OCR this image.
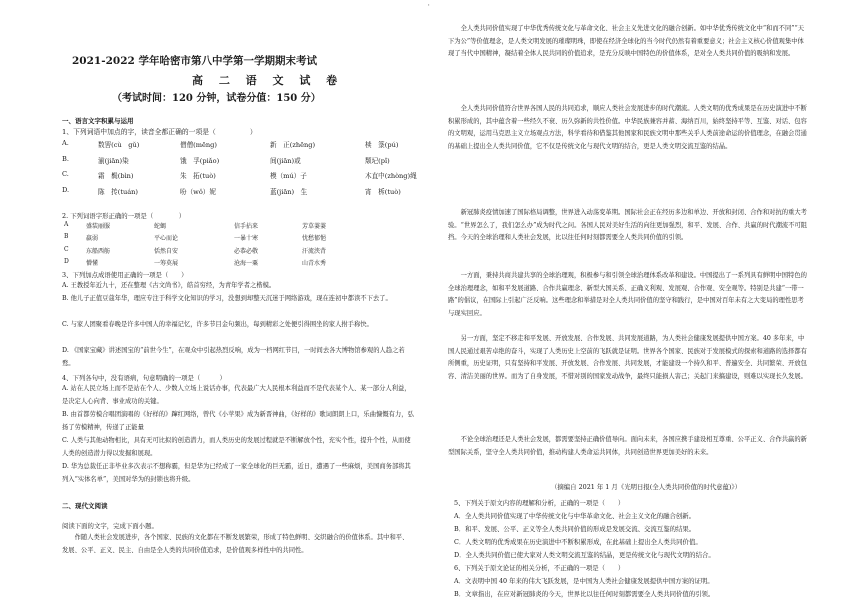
'
2021-2022 学年哈密市第八中学第一学期期末考试
高 二 语 文 试 卷
（考试时间：120 分钟，试卷分值：150 分）
一、语言文字积累与运用
1、下列词语中加点的字，读音全都正确的一项是（　　　　　）
A.	数罟(cù　gǔ)	僧僧(mēng)	新　正(zhēng)	椟　箓(pú)
B.	湔(jiān)染	饿　孚(piǎo)	间(jiān)或	颓圮(pǐ)
C.	霜　鬓(bìn)	朱　拓(tuò)	模（mú）子	木直中(zhòng)绳
D.	陈　抟(tuán)	吩（wǒ）妮	蓝(jiān)　生	宵　柝(tuò)
2. 下列词语字形正确的一项是（　　　　）
A	盛装丽服	蛇蝎	信手拈来	芳草萋萋
B	羸弱	平心而论	一暴十寒	忧愁郁悒
C	东船西舫	恬然自安	必恭必敬	汗流浃背
D	懵懂	一筹莫展	沧海一粟	山青水秀
3、下列加点成语使用正确的一项是（　　）

A. 王教授年近九十，还在整理《古文尚书》，皓首穷经，为青年学者之楷模。

B. 他儿子正值豆蔻年华，理应专注于科学文化知识的学习，没想到却整天沉迷于网络游戏，现在连初中都读不下去了。

C. 与家人团聚看春晚是许多中国人的幸福记忆，许多节目金句频出，每到精彩之处便引得围坐的家人拊手称快。

D. 《国家宝藏》讲述国宝的“前世今生”，在观众中引起热烈反响，成为一档网红节目，一时间去各大博物馆参观的人趋之若鹜。

4、下列各句中，没有语病，句意明确的一项是（　　　）

A. 站在人民立场上而不是站在个人、少数人立场上说话办事，代表最广大人民根本利益而不是代表某个人、某一部分人利益，是决定人心向背、事业成功的关键。

B. 由首都劳模合唱团演唱的《好样的》蹿红网络，曾代《小苹果》成为新晋神曲，《好样的》歌词朗朗上口，乐曲慷慨有力，弘扬了劳模精神，传递了正能量

C. 人类与其他动物相比，具有无可比拟的创造潜力，而人类历史的发展过程就是不断解放个性，充实个性，提升个性，从而使人类的创造潜力得以发掘和展现。

D. 华为总裁任正非毕业多次表示不想称霸，但是华为已经成了一家全球化的巨无霸，近日，遭遇了一些麻烦，美国商务部将其列入“实体名单”，美国对华为的封锁也将升级。

二、现代文阅读
阅读下面的文字，完成下面小题。

作随人类社会发展进步，各个国家、民族的文化都在不断发展繁荣，形成了特色鲜明、交织融合的价值体系。其中和平、发展、公平、正义、民主、自由是全人类的共同价值追求，是价值观多样性中的共同性。

全人类共同价值实现了中华优秀传统文化与革命文化、社会主义先进文化的融合创新。如中华优秀传统文化中“和而不同”“天下为公”等价值理念，是人类文明发展的璀璨明珠，即使在经济全球化的当今时代仍然有着重要意义；社会主义核心价值观集中体现了当代中国精神，凝结着全体人民共同的价值追求，是充分反映中国特色的价值体系，是对全人类共同价值的吸纳和发展。

全人类共同价值符合世界各国人民的共同追求，顺应人类社会发展进步的时代潮流。人类文明的优秀成果是在历史演进中不断积累形成的，其中蕴含着一些经久不衰、历久弥新的共性价值。中华民族兼容并蓄、海纳百川，始终坚持平等、互鉴、对话、包容的文明观，运用马克思主义立场观点方法，科学看待和借鉴其他国家和民族文明中那些关乎人类前途命运的价值理念，在融会贯通的基础上提出全人类共同价值，它不仅是传统文化与现代文明的结合，更是人类文明交流互鉴的结晶。

新冠肺炎疫情加速了国际格局调整，世界进入动荡变革期。国际社会正在经历多边和单边、开放和封闭、合作和对抗的重大考验。“世界怎么了，我们怎么办”成为时代之问。各国人民对美好生活的向往更加强烈，和平、发展、合作、共赢的时代潮流不可阻挡。今天的全球治理和人类社会发展，比以往任何时刻都需要全人类共同价值的引领。

一方面，秉持共商共建共享的全球治理观，积极参与和引领全球治理体系改革和建设。中国提出了一系列具有鲜明中国特色的全球治理理念，如和平发展道路、合作共赢理念、新型大国关系、正确义利观、发展观、合作观、安全观等。特别是共建“一带一路”的倡议，在国际上引起广泛反响。这些理念和举措是对全人类共同价值的坚守和践行，是中国对百年未有之大变局的理性思考与现实回应。

另一方面，坚定不移走和平发展、开放发展、合作发展、共同发展道路，为人类社会健康发展提供中国方案。40 多年来，中国人民通过艰苦卓绝的奋斗，实现了人类历史上空前的飞跃就是证明。世界各个国家、民族对于发展模式的探索和道路的选择都有所侧重，历史证明，只有坚持和平发展、开放发展、合作发展、共同发展，才能建设一个持久和平、普遍安全、共同繁荣、开放包容、清洁美丽的世界。而为了自身发展，不惜对别的国家发动战争，最终只能损人害己；关起门来搞建设，则难以实现长久发展。

不论全球治理还是人类社会发展，都需要坚持正确价值导向。面向未来，各国应携手建设相互尊重、公平正义、合作共赢的新型国际关系，坚守全人类共同价值，推动构建人类命运共同体，共同创造世界更加美好的未来。

（摘编自 2021 年 1 月《光明日报(全人类共同价值的时代意蕴)》）
5、下列关于原文内容的理解和分析，正确的一项是（　　）
A．全人类共同价值实现了中华传统文化与中华革命文化、社会主义文化的融合创新。
B．和平、发展、公平、正义等全人类共同价值的形成是发展交流、交流互鉴的结果。
C．人类文明的优秀成果在历史演进中不断积累形成，在此基础上提出全人类共同价值。
D．全人类共同价值已使大家对人类文明交流互鉴的结晶，更是传统文化与现代文明的结合。
6、下列关于原文论证的相关分析，不正确的一项是（　　）
A．文表明中国 40 年来的伟大飞跃发展，是中国为人类社会健康发展提供中国方案的证明。
B．文章指出，在应对新冠肺炎的今天，世界比以往任何时刻都需要全人类共同价值的引领。
